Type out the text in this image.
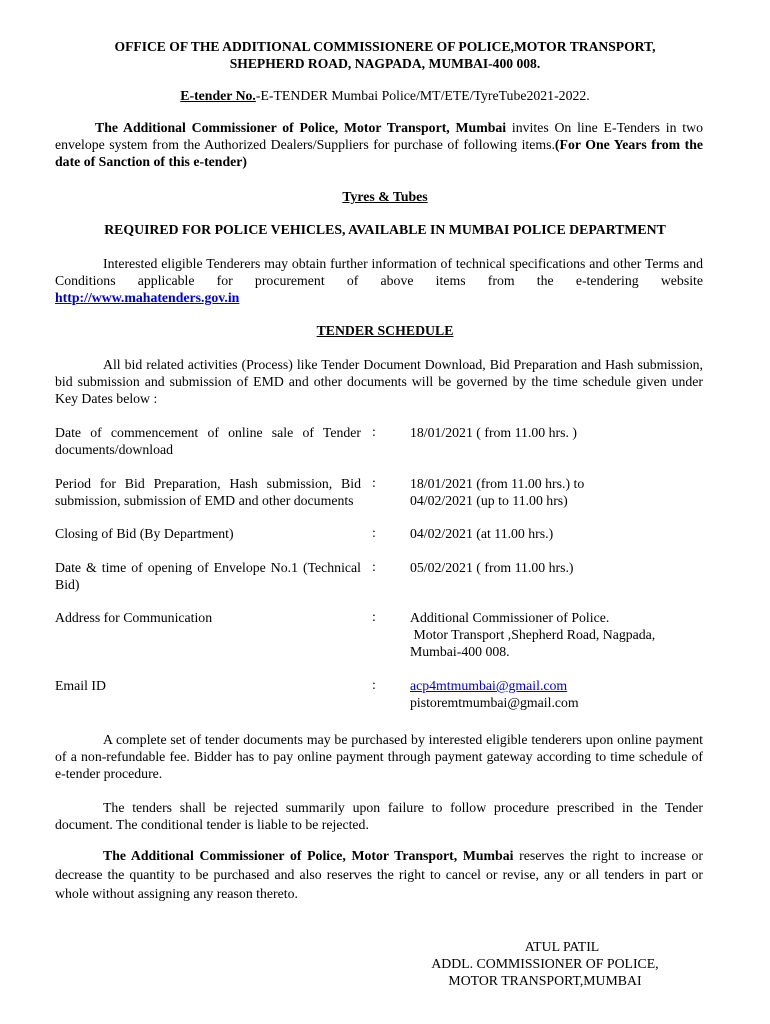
OFFICE OF THE ADDITIONAL COMMISSIONERE OF POLICE,MOTOR TRANSPORT,
SHEPHERD ROAD, NAGPADA, MUMBAI-400 008.
E-tender No.-E-TENDER Mumbai Police/MT/ETE/TyreTube2021-2022.
The Additional Commissioner of Police, Motor Transport, Mumbai invites On line E-Tenders in two envelope system from the Authorized Dealers/Suppliers for purchase of following items.(For One Years from the date of Sanction of this e-tender)
Tyres & Tubes
REQUIRED FOR POLICE VEHICLES, AVAILABLE IN MUMBAI POLICE DEPARTMENT
Interested eligible Tenderers may obtain further information of technical specifications and other Terms and Conditions applicable for procurement of above items from the e-tendering website http://www.mahatenders.gov.in
TENDER SCHEDULE
All bid related activities (Process) like Tender Document Download, Bid Preparation and Hash submission, bid submission and submission of EMD and other documents will be governed by the time schedule given under Key Dates below :
Date of commencement of online sale of Tender documents/download
: 18/01/2021 ( from 11.00 hrs. )
Period for Bid Preparation, Hash submission, Bid submission, submission of EMD and other documents
: 18/01/2021 (from 11.00 hrs.) to
04/02/2021 (up to 11.00 hrs)
Closing of Bid (By Department)	: 04/02/2021 (at 11.00 hrs.)
Date & time of opening of Envelope No.1 (Technical Bid)
: 05/02/2021 ( from 11.00 hrs.)
Address for Communication	: Additional Commissioner of Police.
Motor Transport ,Shepherd Road, Nagpada,
Mumbai-400 008.
Email ID	: acp4mtmumbai@gmail.com
pistoremtmumbai@gmail.com
A complete set of tender documents may be purchased by interested eligible tenderers upon online payment of a non-refundable fee. Bidder has to pay online payment through payment gateway according to time schedule of e-tender procedure.
The tenders shall be rejected summarily upon failure to follow procedure prescribed in the Tender document. The conditional tender is liable to be rejected.
The Additional Commissioner of Police, Motor Transport, Mumbai reserves the right to increase or decrease the quantity to be purchased and also reserves the right to cancel or revise, any or all tenders in part or whole without assigning any reason thereto.
ATUL PATIL
ADDL. COMMISSIONER OF POLICE,
MOTOR TRANSPORT,MUMBAI
